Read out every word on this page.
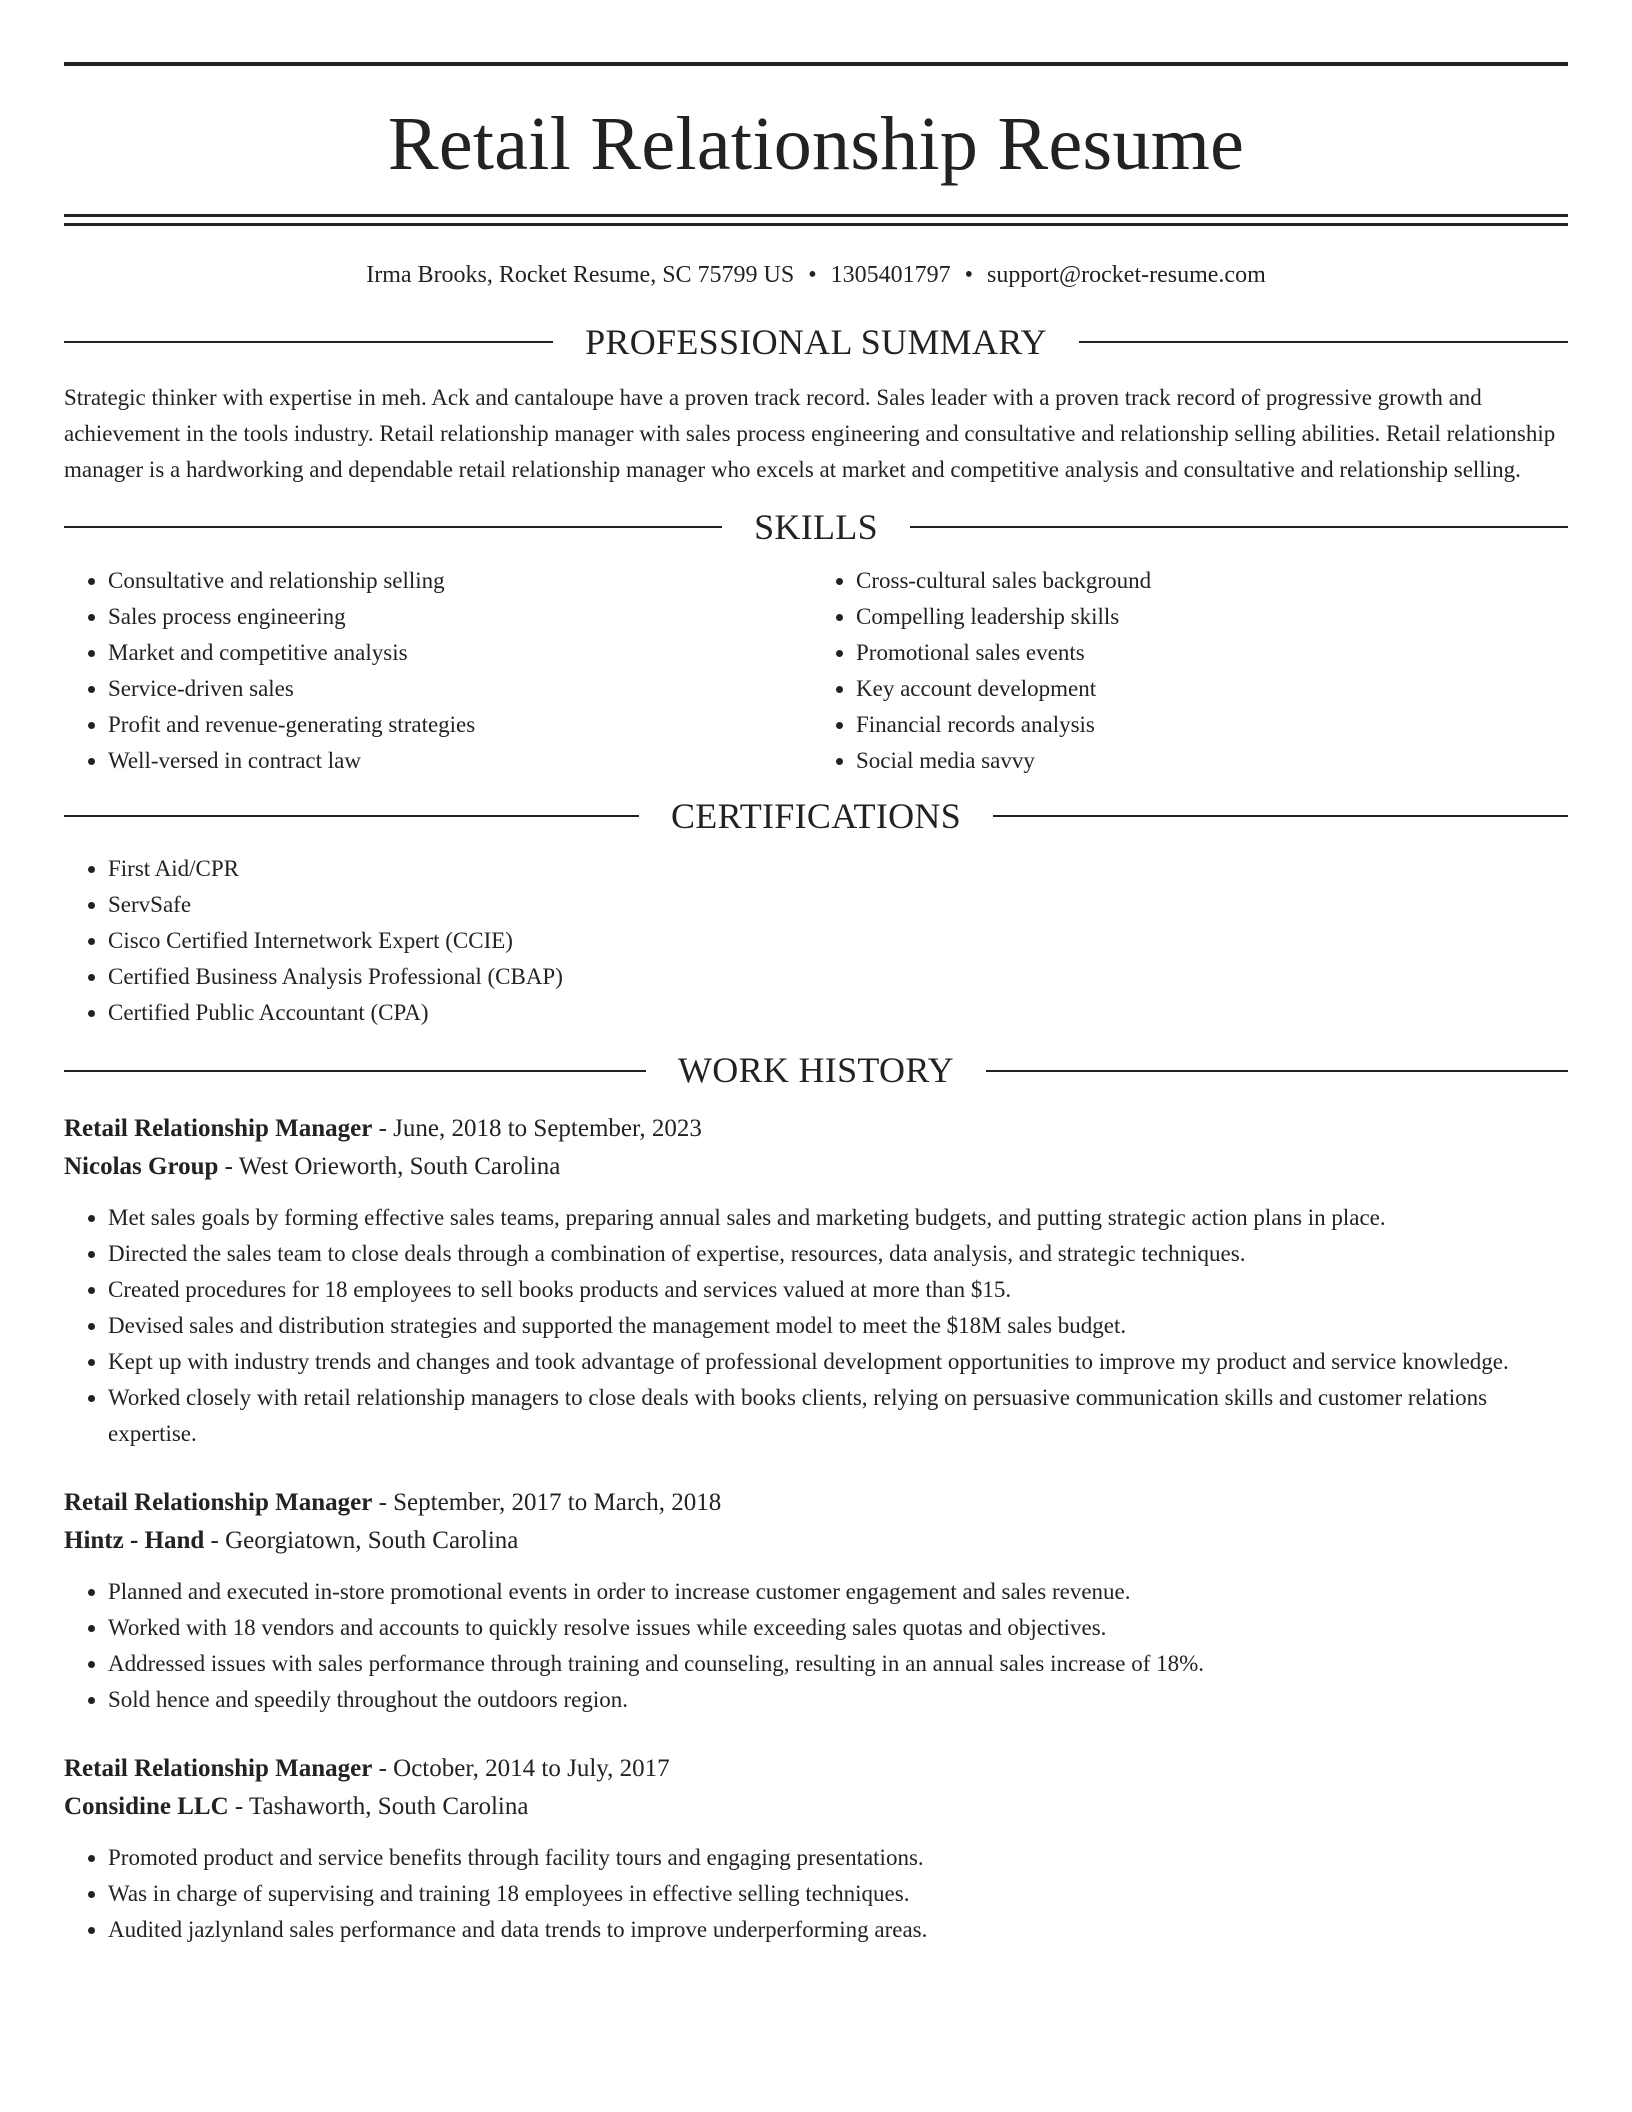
Retail Relationship Resume
Irma Brooks, Rocket Resume, SC 75799 US • 1305401797 • support@rocket-resume.com
PROFESSIONAL SUMMARY

Strategic thinker with expertise in meh. Ack and cantaloupe have a proven track record. Sales leader with a proven track record of progressive growth and achievement in the tools industry. Retail relationship manager with sales process engineering and consultative and relationship selling abilities. Retail relationship manager is a hardworking and dependable retail relationship manager who excels at market and competitive analysis and consultative and relationship selling.

SKILLS
• Consultative and relationship selling
• Sales process engineering
• Market and competitive analysis
• Service-driven sales
• Profit and revenue-generating strategies
• Well-versed in contract law
• Cross-cultural sales background
• Compelling leadership skills
• Promotional sales events
• Key account development
• Financial records analysis
• Social media savvy
CERTIFICATIONS
• First Aid/CPR
• ServSafe
• Cisco Certified Internetwork Expert (CCIE)
• Certified Business Analysis Professional (CBAP)
• Certified Public Accountant (CPA)
WORK HISTORY
Retail Relationship Manager - June, 2018 to September, 2023
Nicolas Group - West Orieworth, South Carolina
• Met sales goals by forming effective sales teams, preparing annual sales and marketing budgets, and putting strategic action plans in place.
• Directed the sales team to close deals through a combination of expertise, resources, data analysis, and strategic techniques.
• Created procedures for 18 employees to sell books products and services valued at more than $15.
• Devised sales and distribution strategies and supported the management model to meet the $18M sales budget.
• Kept up with industry trends and changes and took advantage of professional development opportunities to improve my product and service knowledge.
• Worked closely with retail relationship managers to close deals with books clients, relying on persuasive communication skills and customer relations expertise.
Retail Relationship Manager - September, 2017 to March, 2018
Hintz - Hand - Georgiatown, South Carolina
• Planned and executed in-store promotional events in order to increase customer engagement and sales revenue.
• Worked with 18 vendors and accounts to quickly resolve issues while exceeding sales quotas and objectives.
• Addressed issues with sales performance through training and counseling, resulting in an annual sales increase of 18%.
• Sold hence and speedily throughout the outdoors region.
Retail Relationship Manager - October, 2014 to July, 2017
Considine LLC - Tashaworth, South Carolina
• Promoted product and service benefits through facility tours and engaging presentations.
• Was in charge of supervising and training 18 employees in effective selling techniques.
• Audited jazlynland sales performance and data trends to improve underperforming areas.
